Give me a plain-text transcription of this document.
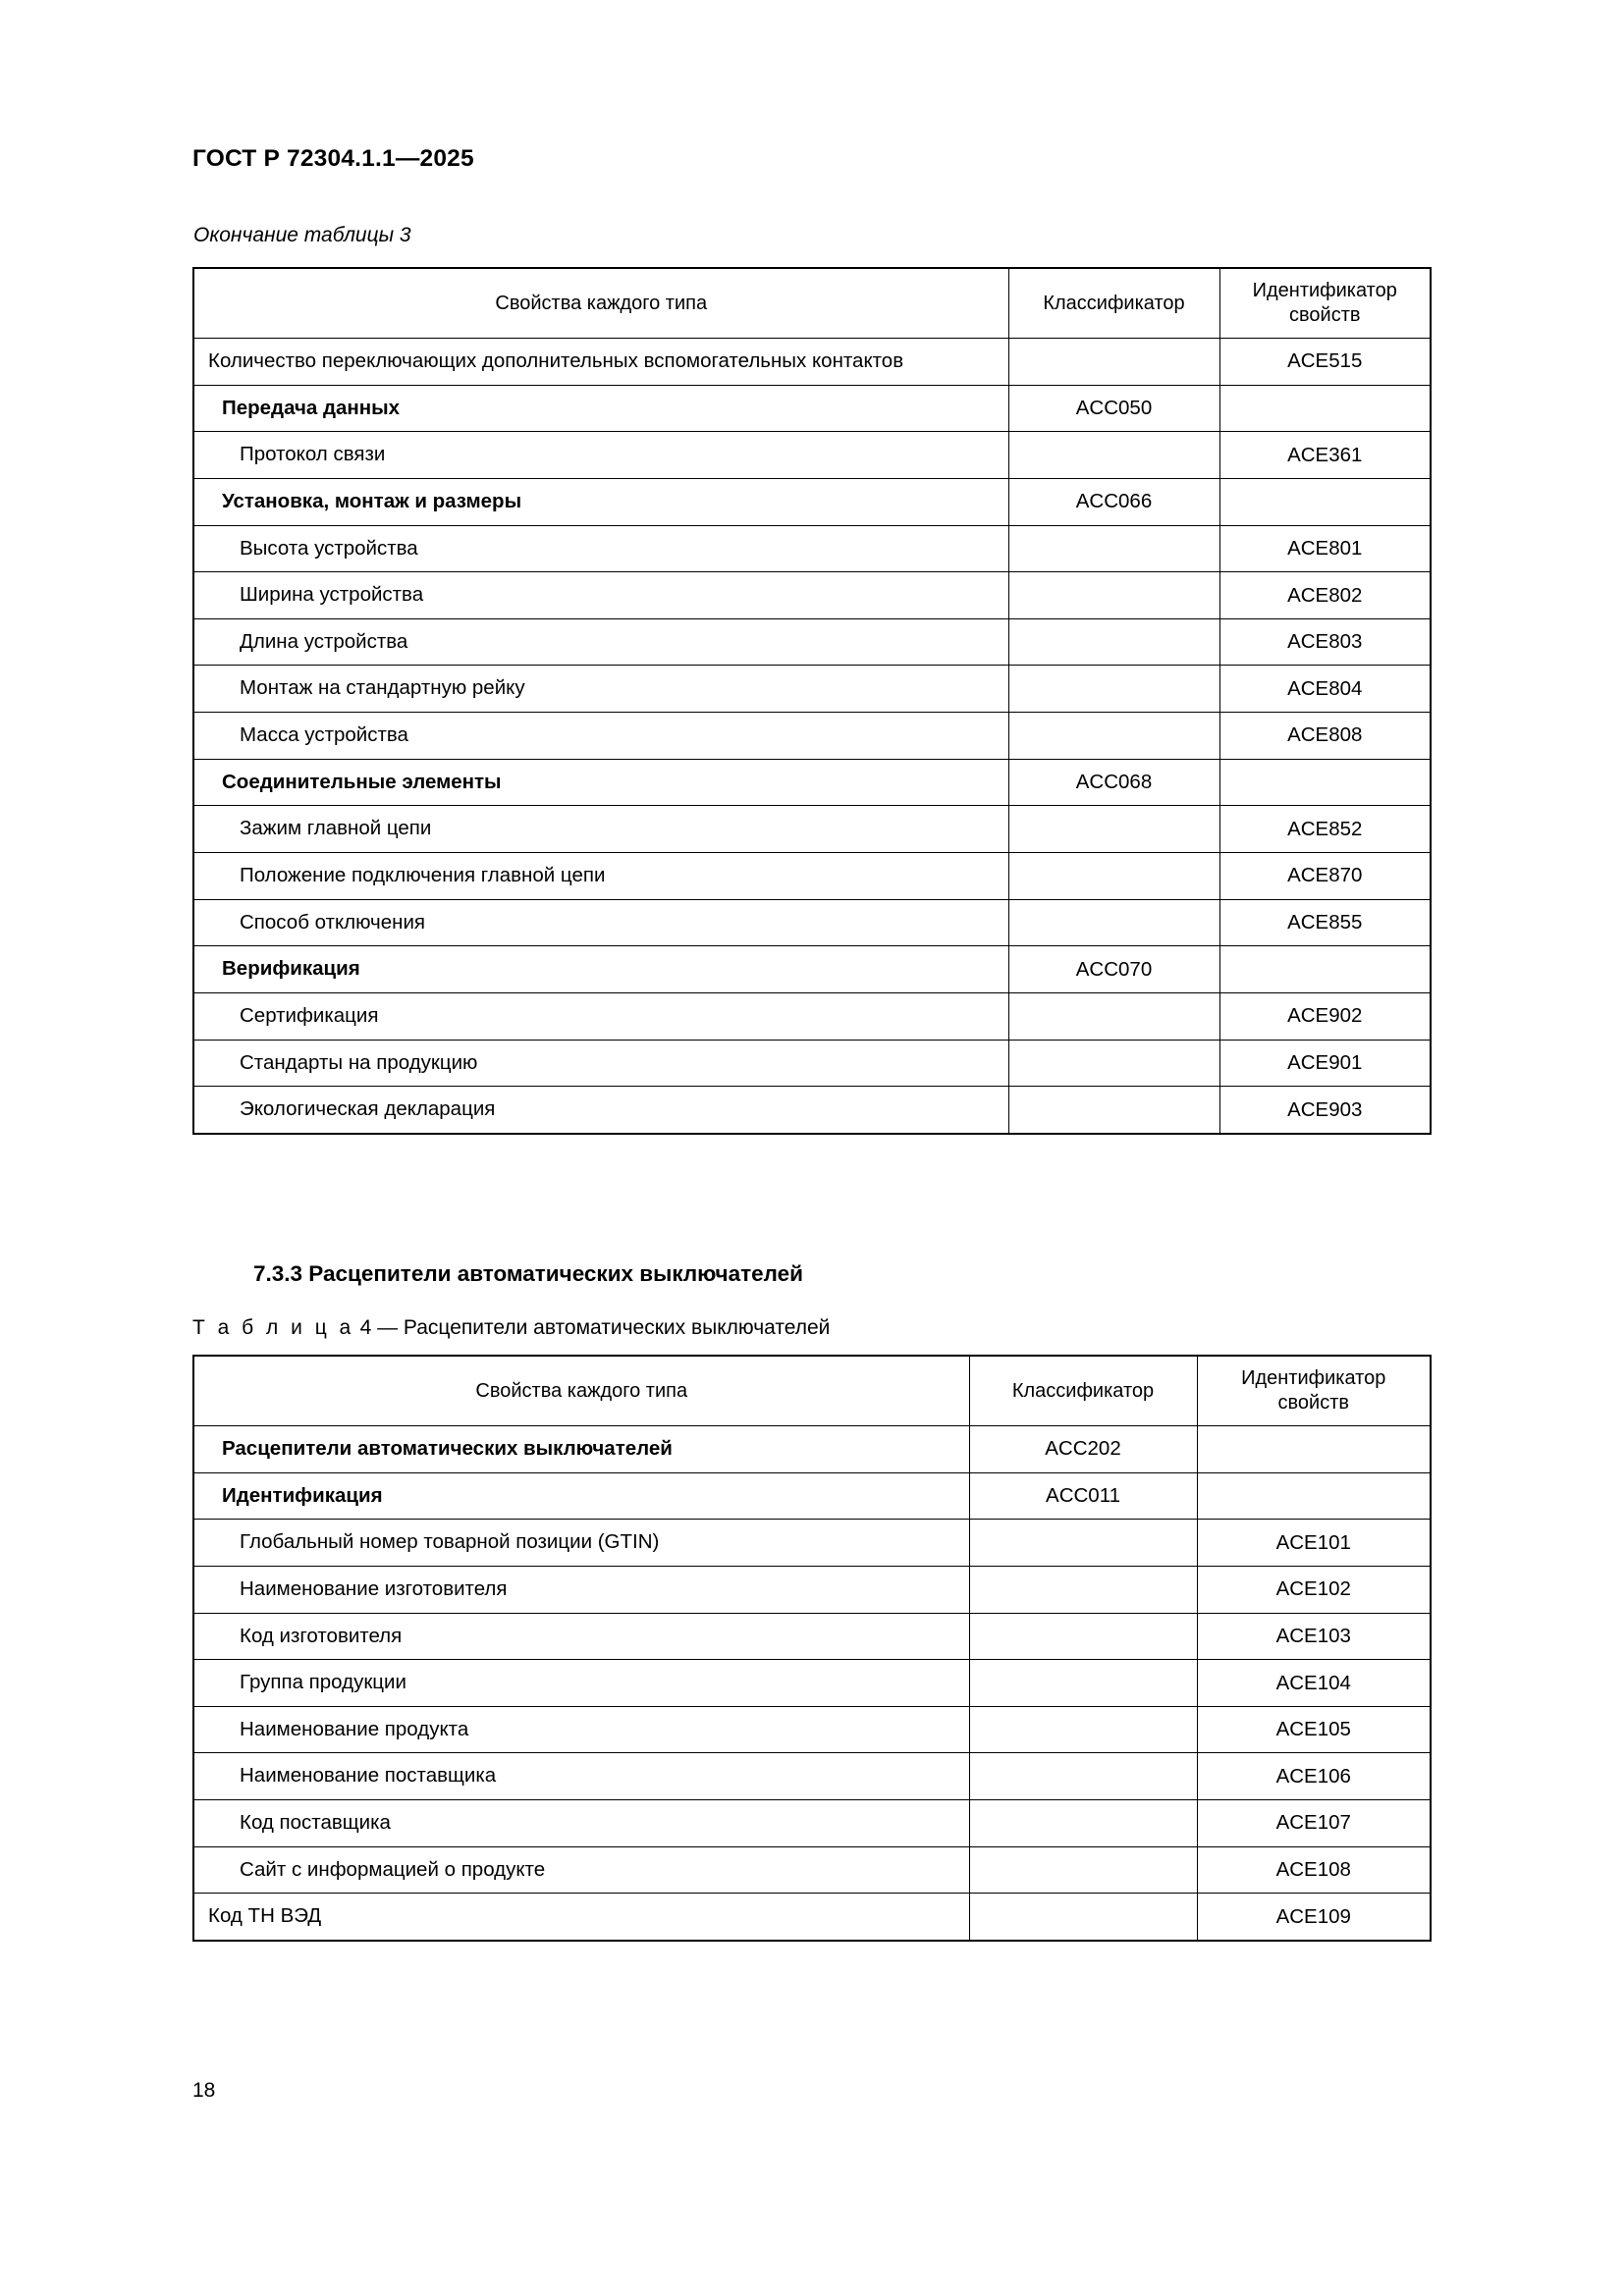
ГОСТ Р 72304.1.1—2025
Окончание таблицы 3
Свойства каждого типа	Классификатор	Идентификатор свойств
Количество переключающих дополнительных вспомогательных контактов		ACE515
Передача данных	ACC050	
Протокол связи		ACE361
Установка, монтаж и размеры	ACC066	
Высота устройства		ACE801
Ширина устройства		ACE802
Длина устройства		ACE803
Монтаж на стандартную рейку		ACE804
Масса устройства		ACE808
Соединительные элементы	ACC068	
Зажим главной цепи		ACE852
Положение подключения главной цепи		ACE870
Способ отключения		ACE855
Верификация	ACC070	
Сертификация		ACE902
Стандарты на продукцию		ACE901
Экологическая декларация		ACE903
7.3.3 Расцепители автоматических выключателей
Т а б л и ц а 4 — Расцепители автоматических выключателей
Свойства каждого типа	Классификатор	Идентификатор свойств
Расцепители автоматических выключателей	ACC202	
Идентификация	ACC011	
Глобальный номер товарной позиции (GTIN)		ACE101
Наименование изготовителя		ACE102
Код изготовителя		ACE103
Группа продукции		ACE104
Наименование продукта		ACE105
Наименование поставщика		ACE106
Код поставщика		ACE107
Сайт с информацией о продукте		ACE108
Код ТН ВЭД		ACE109
18
